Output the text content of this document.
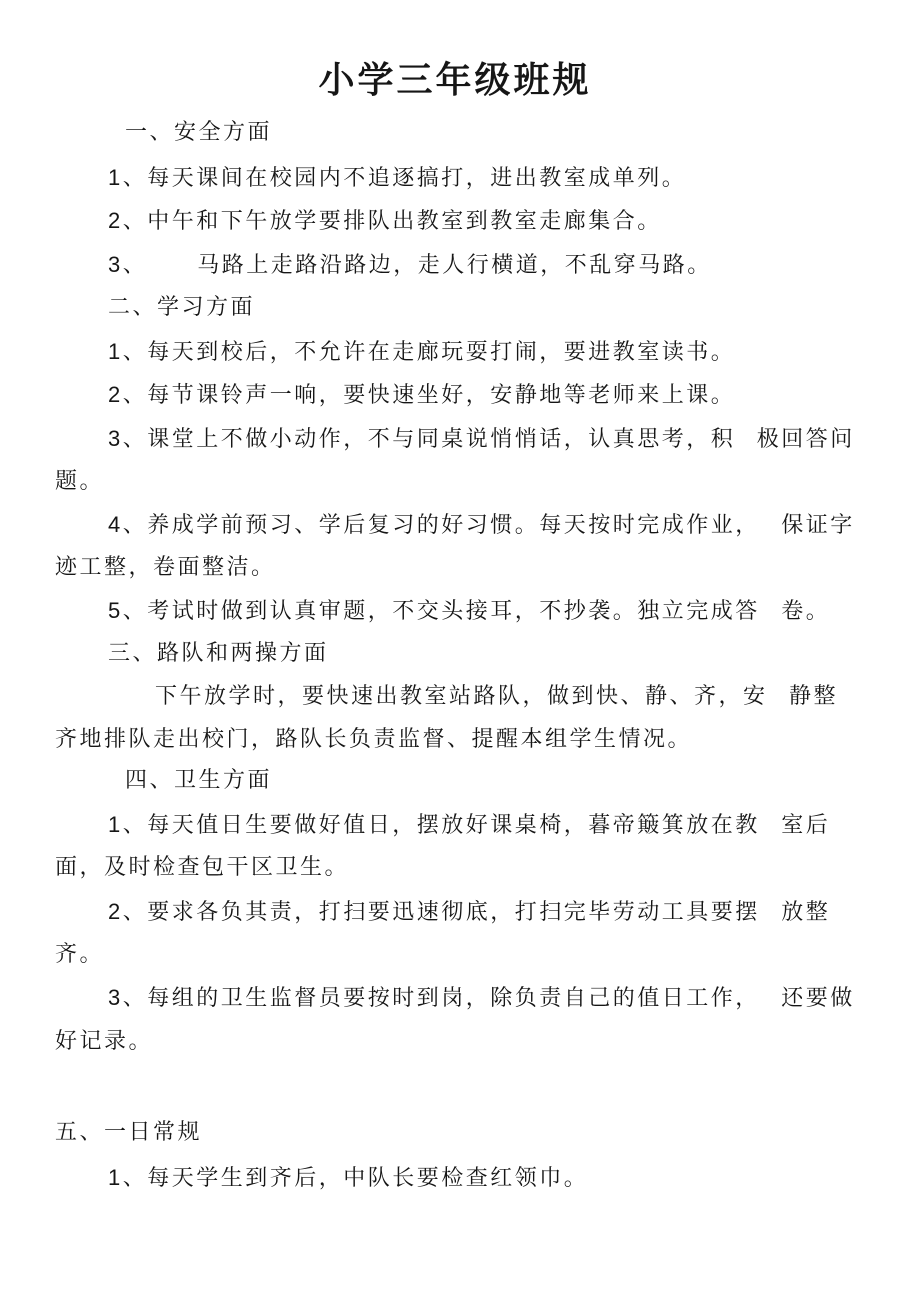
小学三年级班规
一、安全方面
1、每天课间在校园内不追逐搞打，进出教室成单列。
2、中午和下午放学要排队出教室到教室走廊集合。
3、 马路上走路沿路边，走人行横道，不乱穿马路。
二、学习方面
1、每天到校后，不允许在走廊玩耍打闹，要进教室读书。
2、每节课铃声一响，要快速坐好，安静地等老师来上课。
3、课堂上不做小动作，不与同桌说悄悄话，认真思考，积 极回答问
题。
4、养成学前预习、学后复习的好习惯。每天按时完成作业， 保证字
迹工整，卷面整洁。
5、考试时做到认真审题，不交头接耳，不抄袭。独立完成答 卷。
三、路队和两操方面
下午放学时，要快速出教室站路队，做到快、静、齐，安 静整
齐地排队走出校门，路队长负责监督、提醒本组学生情况。
四、卫生方面
1、每天值日生要做好值日，摆放好课桌椅，暮帝簸箕放在教 室后
面，及时检查包干区卫生。
2、要求各负其责，打扫要迅速彻底，打扫完毕劳动工具要摆 放整
齐。
3、每组的卫生监督员要按时到岗，除负责自己的值日工作， 还要做
好记录。
五、一日常规
1、每天学生到齐后，中队长要检查红领巾。
